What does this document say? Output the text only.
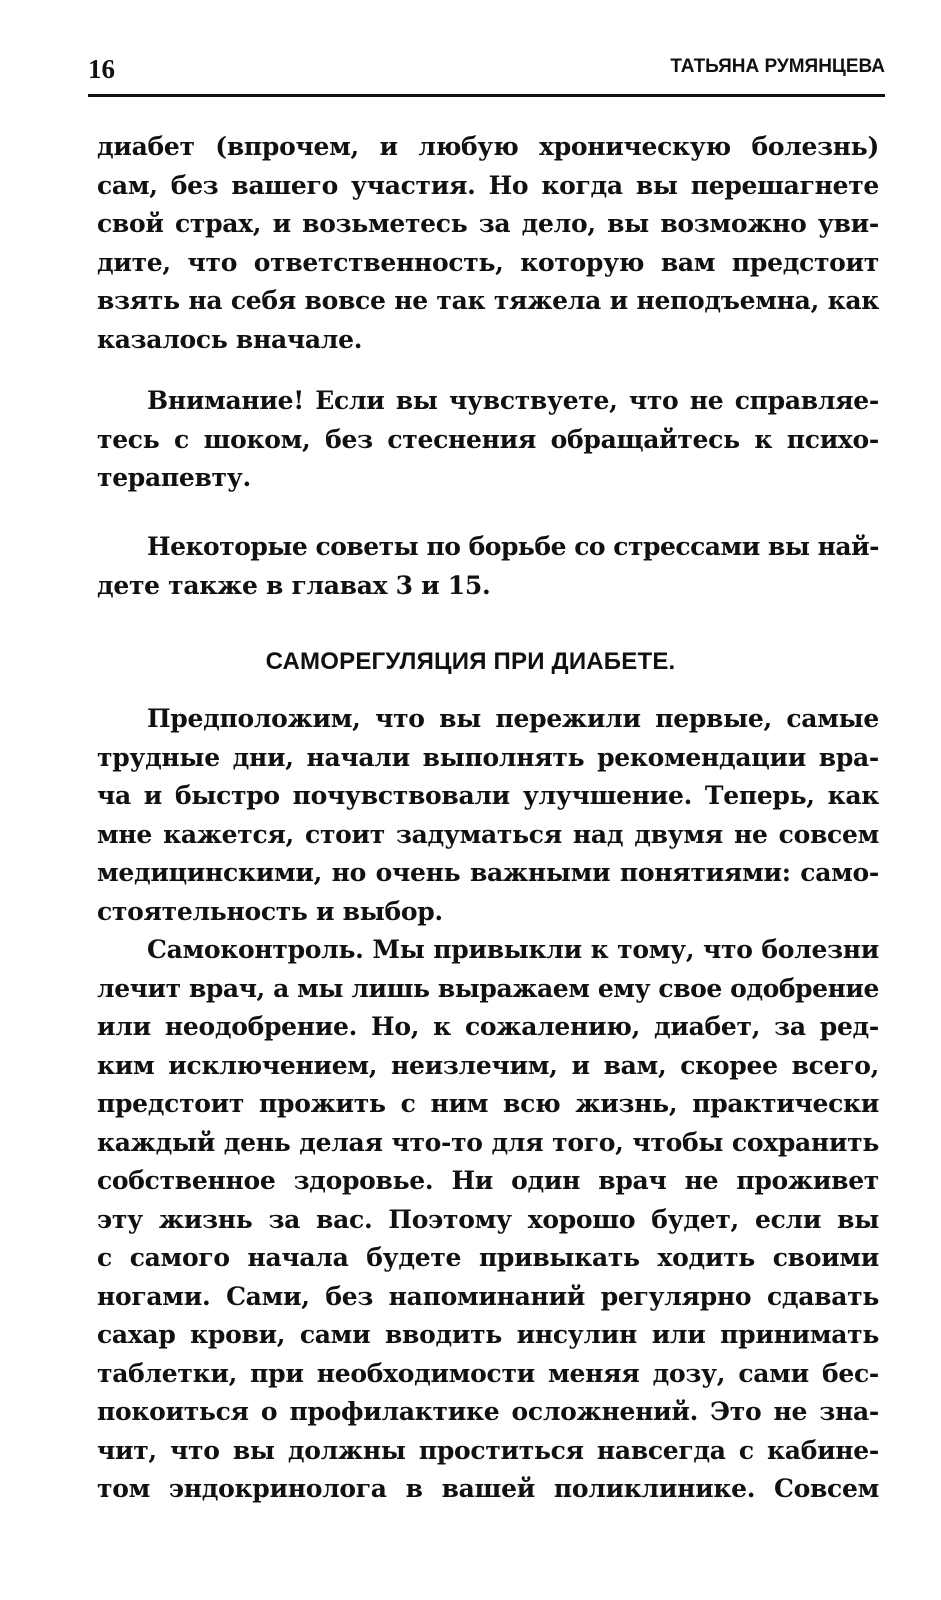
16	ТАТЬЯНА РУМЯНЦЕВА

диабет (впрочем, и любую хроническую болезнь)
сам, без вашего участия. Но когда вы перешагнете
свой страх, и возьметесь за дело, вы возможно уви-
дите, что ответственность, которую вам предстоит
взять на себя вовсе не так тяжела и неподъемна, как
казалось вначале.

Внимание! Если вы чувствуете, что не справляе-
тесь с шоком, без стеснения обращайтесь к психо-
терапевту.

Некоторые советы по борьбе со стрессами вы най-
дете также в главах 3 и 15.

САМОРЕГУЛЯЦИЯ ПРИ ДИАБЕТЕ.

Предположим, что вы пережили первые, самые
трудные дни, начали выполнять рекомендации вра-
ча и быстро почувствовали улучшение. Теперь, как
мне кажется, стоит задуматься над двумя не совсем
медицинскими, но очень важными понятиями: само-
стоятельность и выбор.

Самоконтроль. Мы привыкли к тому, что болезни
лечит врач, а мы лишь выражаем ему свое одобрение
или неодобрение. Но, к сожалению, диабет, за ред-
ким исключением, неизлечим, и вам, скорее всего,
предстоит прожить с ним всю жизнь, практически
каждый день делая что-то для того, чтобы сохранить
собственное здоровье. Ни один врач не проживет
эту жизнь за вас. Поэтому хорошо будет, если вы
с самого начала будете привыкать ходить своими
ногами. Сами, без напоминаний регулярно сдавать
сахар крови, сами вводить инсулин или принимать
таблетки, при необходимости меняя дозу, сами бес-
покоиться о профилактике осложнений. Это не зна-
чит, что вы должны проститься навсегда с кабине-
том эндокринолога в вашей поликлинике. Совсем
